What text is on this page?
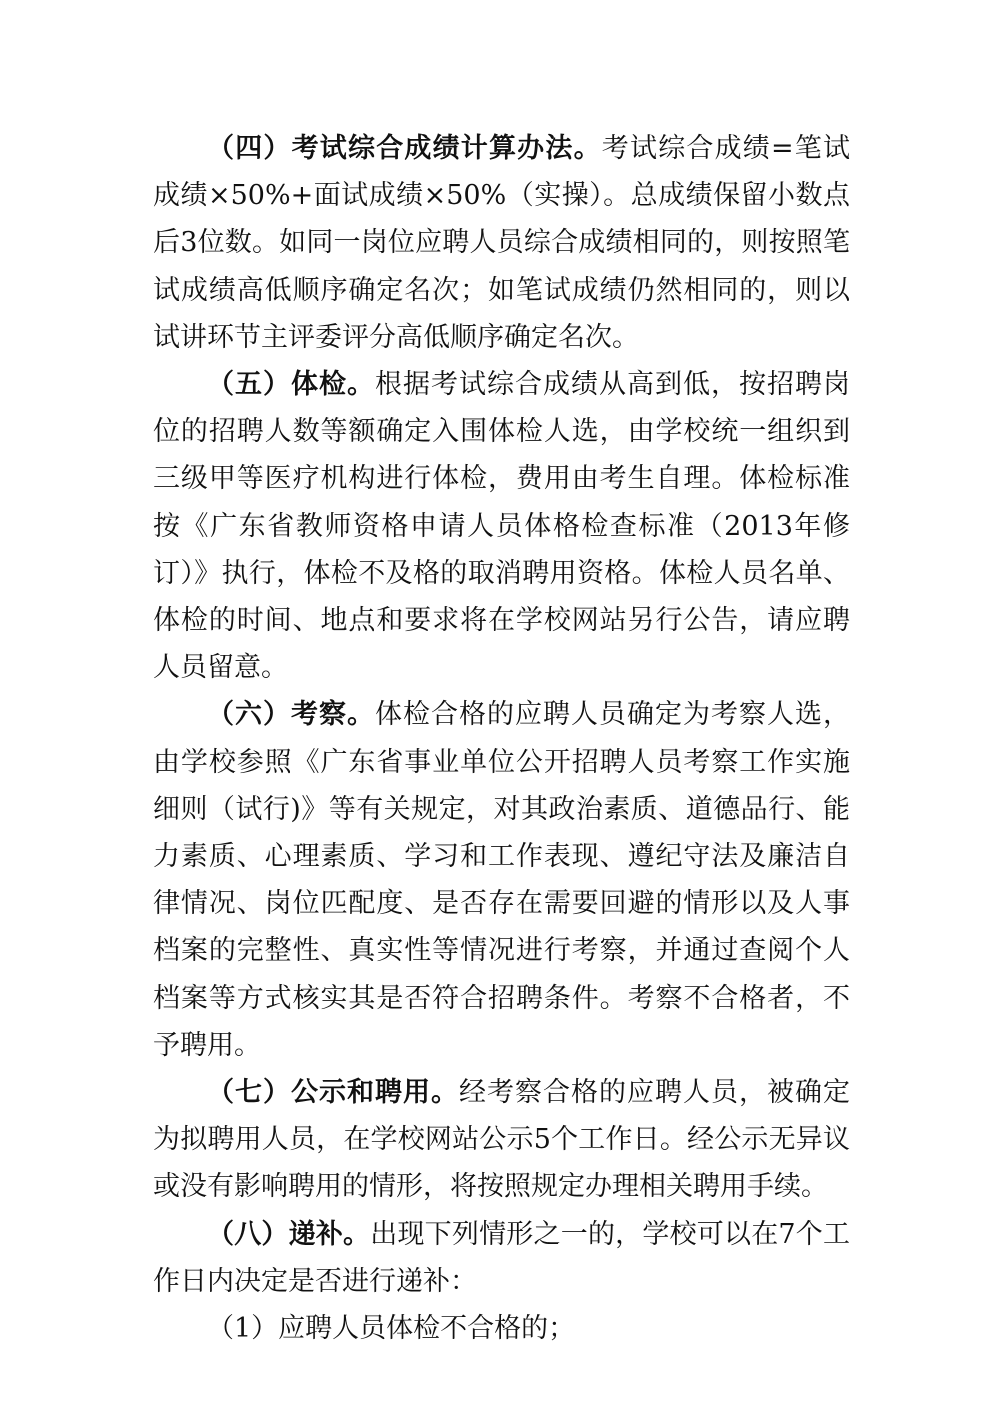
（四）考试综合成绩计算办法。考试综合成绩=笔试成绩×50%+面试成绩×50%（实操）。总成绩保留小数点后3位数。如同一岗位应聘人员综合成绩相同的，则按照笔试成绩高低顺序确定名次；如笔试成绩仍然相同的，则以试讲环节主评委评分高低顺序确定名次。

（五）体检。根据考试综合成绩从高到低，按招聘岗位的招聘人数等额确定入围体检人选，由学校统一组织到三级甲等医疗机构进行体检，费用由考生自理。体检标准按《广东省教师资格申请人员体格检查标准（2013年修订）》执行，体检不及格的取消聘用资格。体检人员名单、体检的时间、地点和要求将在学校网站另行公告，请应聘人员留意。

（六）考察。体检合格的应聘人员确定为考察人选，由学校参照《广东省事业单位公开招聘人员考察工作实施细则（试行)》等有关规定，对其政治素质、道德品行、能力素质、心理素质、学习和工作表现、遵纪守法及廉洁自律情况、岗位匹配度、是否存在需要回避的情形以及人事档案的完整性、真实性等情况进行考察，并通过查阅个人档案等方式核实其是否符合招聘条件。考察不合格者，不予聘用。

（七）公示和聘用。经考察合格的应聘人员，被确定为拟聘用人员，在学校网站公示5个工作日。经公示无异议或没有影响聘用的情形，将按照规定办理相关聘用手续。

（八）递补。出现下列情形之一的，学校可以在7个工作日内决定是否进行递补：

（1）应聘人员体检不合格的；
